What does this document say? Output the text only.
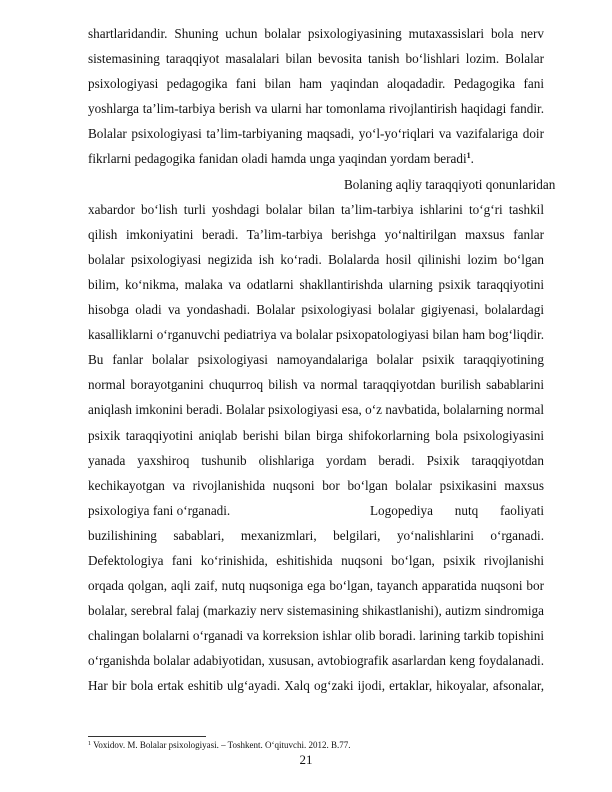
shartlaridandir. Shuning uchun bolalar psixologiyasining mutaxassislari bola nerv
sistemasining taraqqiyot masalalari bilan bevosita tanish bo‘lishlari lozim. Bolalar
psixologiyasi pedagogika fani bilan ham yaqindan aloqadadir. Pedagogika fani
yoshlarga ta’lim-tarbiya berish va ularni har tomonlama rivojlantirish haqidagi fandir.
Bolalar psixologiyasi ta’lim-tarbiyaning maqsadi, yo‘l-yo‘riqlari va vazifalariga doir
fikrlarni pedagogika fanidan oladi hamda unga yaqindan yordam beradi$^1$.
Bolaning aqliy taraqqiyoti qonunlaridan
xabardor bo‘lish turli yoshdagi bolalar bilan ta’lim-tarbiya ishlarini to‘g‘ri tashkil
qilish imkoniyatini beradi. Ta’lim-tarbiya berishga yo‘naltirilgan maxsus fanlar
bolalar psixologiyasi negizida ish ko‘radi. Bolalarda hosil qilinishi lozim bo‘lgan
bilim, ko‘nikma, malaka va odatlarni shakllantirishda ularning psixik taraqqiyotini
hisobga oladi va yondashadi. Bolalar psixologiyasi bolalar gigiyenasi, bolalardagi
kasalliklarni o‘rganuvchi pediatriya va bolalar psixopatologiyasi bilan ham bog‘liqdir.
Bu fanlar bolalar psixologiyasi namoyandalariga bolalar psixik taraqqiyotining
normal borayotganini chuqurroq bilish va normal taraqqiyotdan burilish sabablarini
aniqlash imkonini beradi. Bolalar psixologiyasi esa, o‘z navbatida, bolalarning normal
psixik taraqqiyotini aniqlab berishi bilan birga shifokorlarning bola psixologiyasini
yanada yaxshiroq tushunib olishlariga yordam beradi. Psixik taraqqiyotdan
kechikayotgan va rivojlanishida nuqsoni bor bo‘lgan bolalar psixikasini maxsus
psixologiya fani o‘rganadi.	Logopediya nutq faoliyati
buzilishining sabablari, mexanizmlari, belgilari, yo‘nalishlarini o‘rganadi.
Defektologiya fani ko‘rinishida, eshitishida nuqsoni bo‘lgan, psixik rivojlanishi
orqada qolgan, aqli zaif, nutq nuqsoniga ega bo‘lgan, tayanch apparatida nuqsoni bor
bolalar, serebral falaj (markaziy nerv sistemasining shikastlanishi), autizm sindromiga
chalingan bolalarni o‘rganadi va korreksion ishlar olib boradi. larining tarkib topishini
o‘rganishda bolalar adabiyotidan, xususan, avtobiografik asarlardan keng foydalanadi.
Har bir bola ertak eshitib ulg‘ayadi. Xalq og‘zaki ijodi, ertaklar, hikoyalar, afsonalar,
$^1$ Voxidov. M. Bolalar psixologiyasi. – Toshkent. O‘qituvchi. 2012. B.77.
21
